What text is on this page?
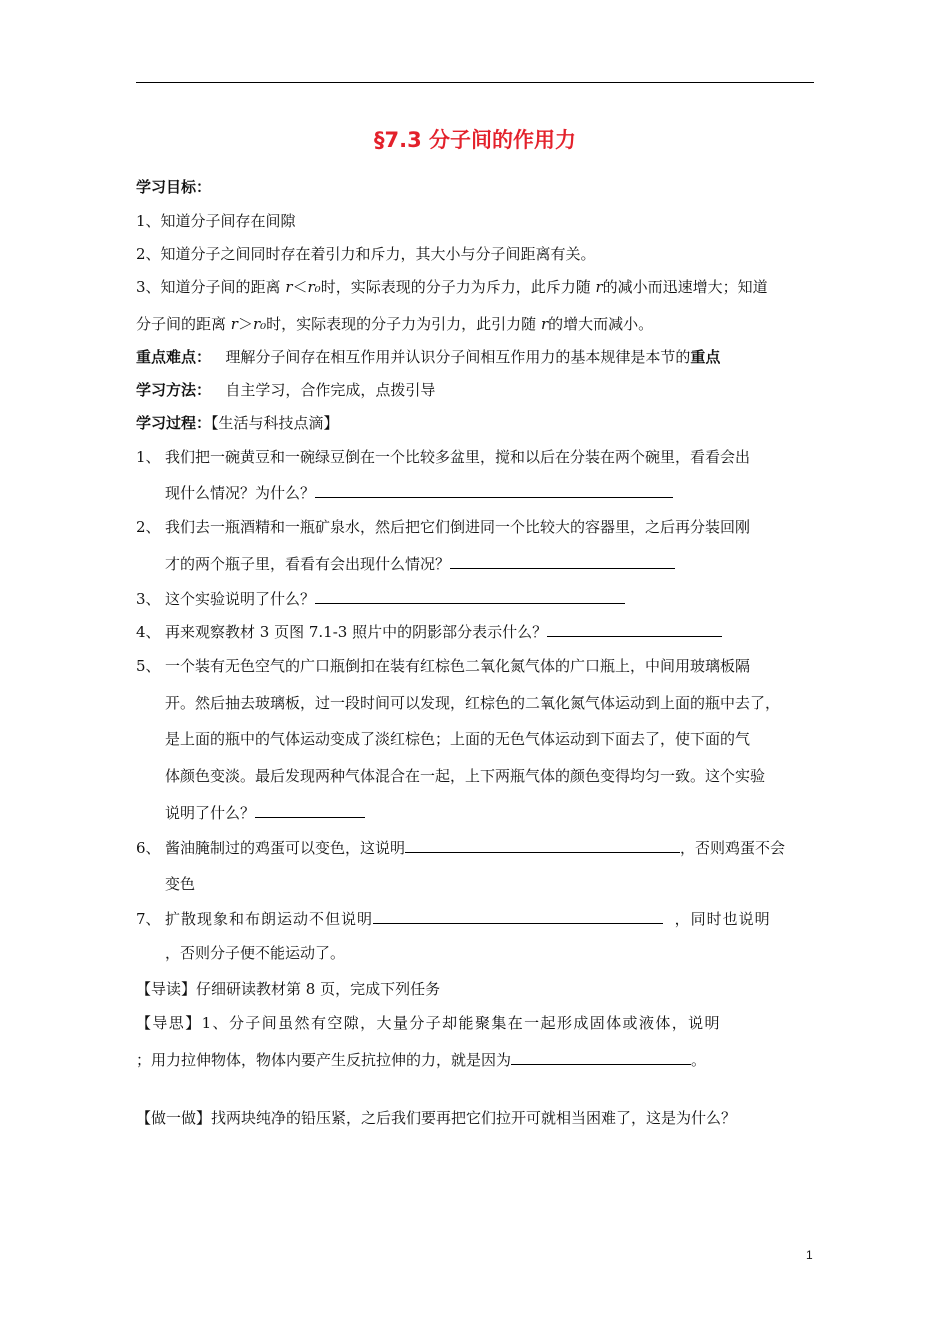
§7.3 分子间的作用力
学习目标：
1、知道分子间存在间隙
2、知道分子之间同时存在着引力和斥力，其大小与分子间距离有关。
3、知道分子间的距离 r＜r₀时，实际表现的分子力为斥力，此斥力随 r的减小而迅速增大；知道
分子间的距离 r＞r₀时，实际表现的分子力为引力，此引力随 r的增大而减小。
重点难点： 理解分子间存在相互作用并认识分子间相互作用力的基本规律是本节的重点
学习方法： 自主学习，合作完成，点拨引导
学习过程：【生活与科技点滴】
1、 我们把一碗黄豆和一碗绿豆倒在一个比较多盆里，搅和以后在分装在两个碗里，看看会出
现什么情况？为什么？
2、 我们去一瓶酒精和一瓶矿泉水，然后把它们倒进同一个比较大的容器里，之后再分装回刚
才的两个瓶子里，看看有会出现什么情况？
3、 这个实验说明了什么？
4、 再来观察教材 3 页图 7.1-3 照片中的阴影部分表示什么？
5、 一个装有无色空气的广口瓶倒扣在装有红棕色二氧化氮气体的广口瓶上，中间用玻璃板隔
开。然后抽去玻璃板，过一段时间可以发现，红棕色的二氧化氮气体运动到上面的瓶中去了，
是上面的瓶中的气体运动变成了淡红棕色；上面的无色气体运动到下面去了，使下面的气
体颜色变淡。最后发现两种气体混合在一起，上下两瓶气体的颜色变得均匀一致。这个实验
说明了什么？
6、 酱油腌制过的鸡蛋可以变色，这说明	，否则鸡蛋不会
变色
7、 扩散现象和布朗运动不但说明	，同时也说明
，否则分子便不能运动了。
【导读】仔细研读教材第 8 页，完成下列任务
【导思】1、分子间虽然有空隙，大量分子却能聚集在一起形成固体或液体，说明
；用力拉伸物体，物体内要产生反抗拉伸的力，就是因为	。
【做一做】找两块纯净的铅压紧，之后我们要再把它们拉开可就相当困难了，这是为什么？
1
